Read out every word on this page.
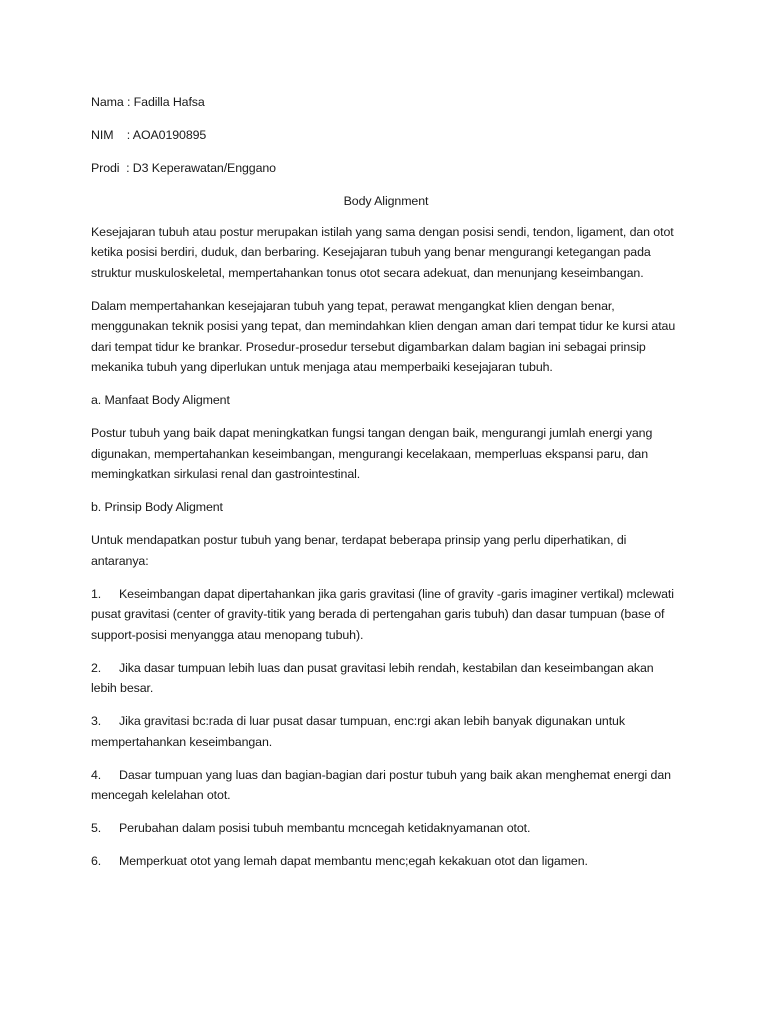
Nama : Fadilla Hafsa

NIM    : AOA0190895

Prodi  : D3 Keperawatan/Enggano

Body Alignment

Kesejajaran tubuh atau postur merupakan istilah yang sama dengan posisi sendi, tendon, ligament, dan otot ketika posisi berdiri, duduk, dan berbaring. Kesejajaran tubuh yang benar mengurangi ketegangan pada struktur muskuloskeletal, mempertahankan tonus otot secara adekuat, dan menunjang keseimbangan.

Dalam mempertahankan kesejajaran tubuh yang tepat, perawat mengangkat klien dengan benar, menggunakan teknik posisi yang tepat, dan memindahkan klien dengan aman dari tempat tidur ke kursi atau dari tempat tidur ke brankar. Prosedur-prosedur tersebut digambarkan dalam bagian ini sebagai prinsip mekanika tubuh yang diperlukan untuk menjaga atau memperbaiki kesejajaran tubuh.

a. Manfaat Body Aligment

Postur tubuh yang baik dapat meningkatkan fungsi tangan dengan baik, mengurangi jumlah energi yang digunakan, mempertahankan keseimbangan, mengurangi kecelakaan, memperluas ekspansi paru, dan memingkatkan sirkulasi renal dan gastrointestinal.

b. Prinsip Body Aligment

Untuk mendapatkan postur tubuh yang benar, terdapat beberapa prinsip yang perlu diperhatikan, di antaranya:

1. Keseimbangan dapat dipertahankan jika garis gravitasi (line of gravity -garis imaginer vertikal) mclewati pusat gravitasi (center of gravity-titik yang berada di pertengahan garis tubuh) dan dasar tumpuan (base of support-posisi menyangga atau menopang tubuh).

2. Jika dasar tumpuan lebih luas dan pusat gravitasi lebih rendah, kestabilan dan keseimbangan akan lebih besar.

3. Jika gravitasi bc:rada di luar pusat dasar tumpuan, enc:rgi akan lebih banyak digunakan untuk mempertahankan keseimbangan.

4. Dasar tumpuan yang luas dan bagian-bagian dari postur tubuh yang baik akan menghemat energi dan mencegah kelelahan otot.

5. Perubahan dalam posisi tubuh membantu mcncegah ketidaknyamanan otot.

6. Memperkuat otot yang lemah dapat membantu menc;egah kekakuan otot dan ligamen.
